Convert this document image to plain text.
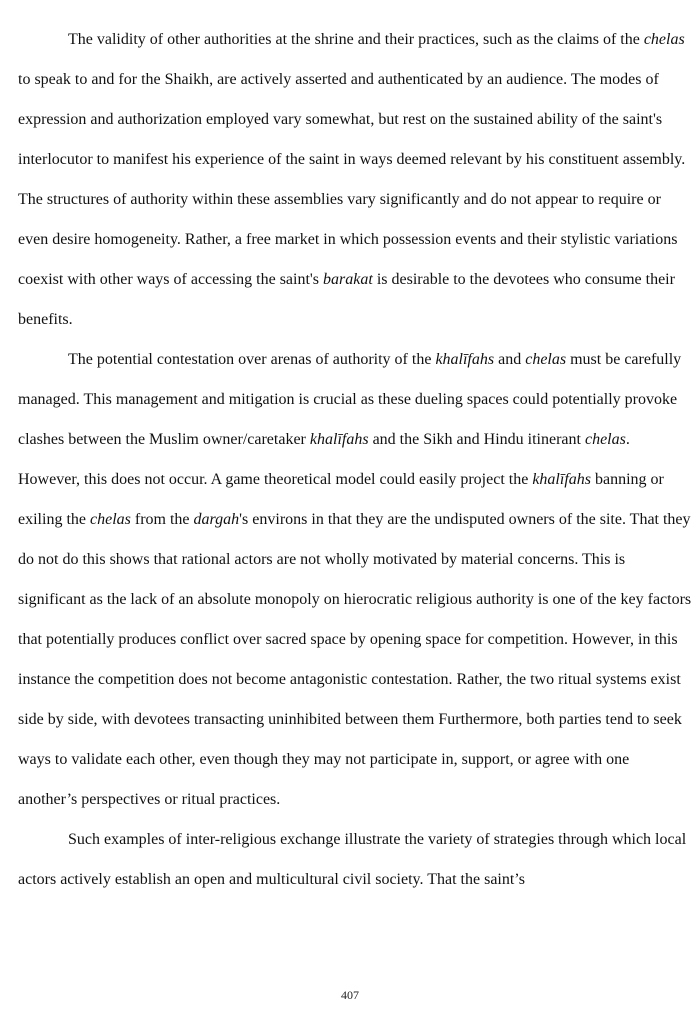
The validity of other authorities at the shrine and their practices, such as the claims of the chelas to speak to and for the Shaikh, are actively asserted and authenticated by an audience. The modes of expression and authorization employed vary somewhat, but rest on the sustained ability of the saint's interlocutor to manifest his experience of the saint in ways deemed relevant by his constituent assembly. The structures of authority within these assemblies vary significantly and do not appear to require or even desire homogeneity. Rather, a free market in which possession events and their stylistic variations coexist with other ways of accessing the saint's barakat is desirable to the devotees who consume their benefits.

The potential contestation over arenas of authority of the khalīfahs and chelas must be carefully managed. This management and mitigation is crucial as these dueling spaces could potentially provoke clashes between the Muslim owner/caretaker khalīfahs and the Sikh and Hindu itinerant chelas. However, this does not occur. A game theoretical model could easily project the khalīfahs banning or exiling the chelas from the dargah's environs in that they are the undisputed owners of the site. That they do not do this shows that rational actors are not wholly motivated by material concerns. This is significant as the lack of an absolute monopoly on hierocratic religious authority is one of the key factors that potentially produces conflict over sacred space by opening space for competition. However, in this instance the competition does not become antagonistic contestation. Rather, the two ritual systems exist side by side, with devotees transacting uninhibited between them Furthermore, both parties tend to seek ways to validate each other, even though they may not participate in, support, or agree with one another’s perspectives or ritual practices.

Such examples of inter-religious exchange illustrate the variety of strategies through which local actors actively establish an open and multicultural civil society. That the saint’s

407
